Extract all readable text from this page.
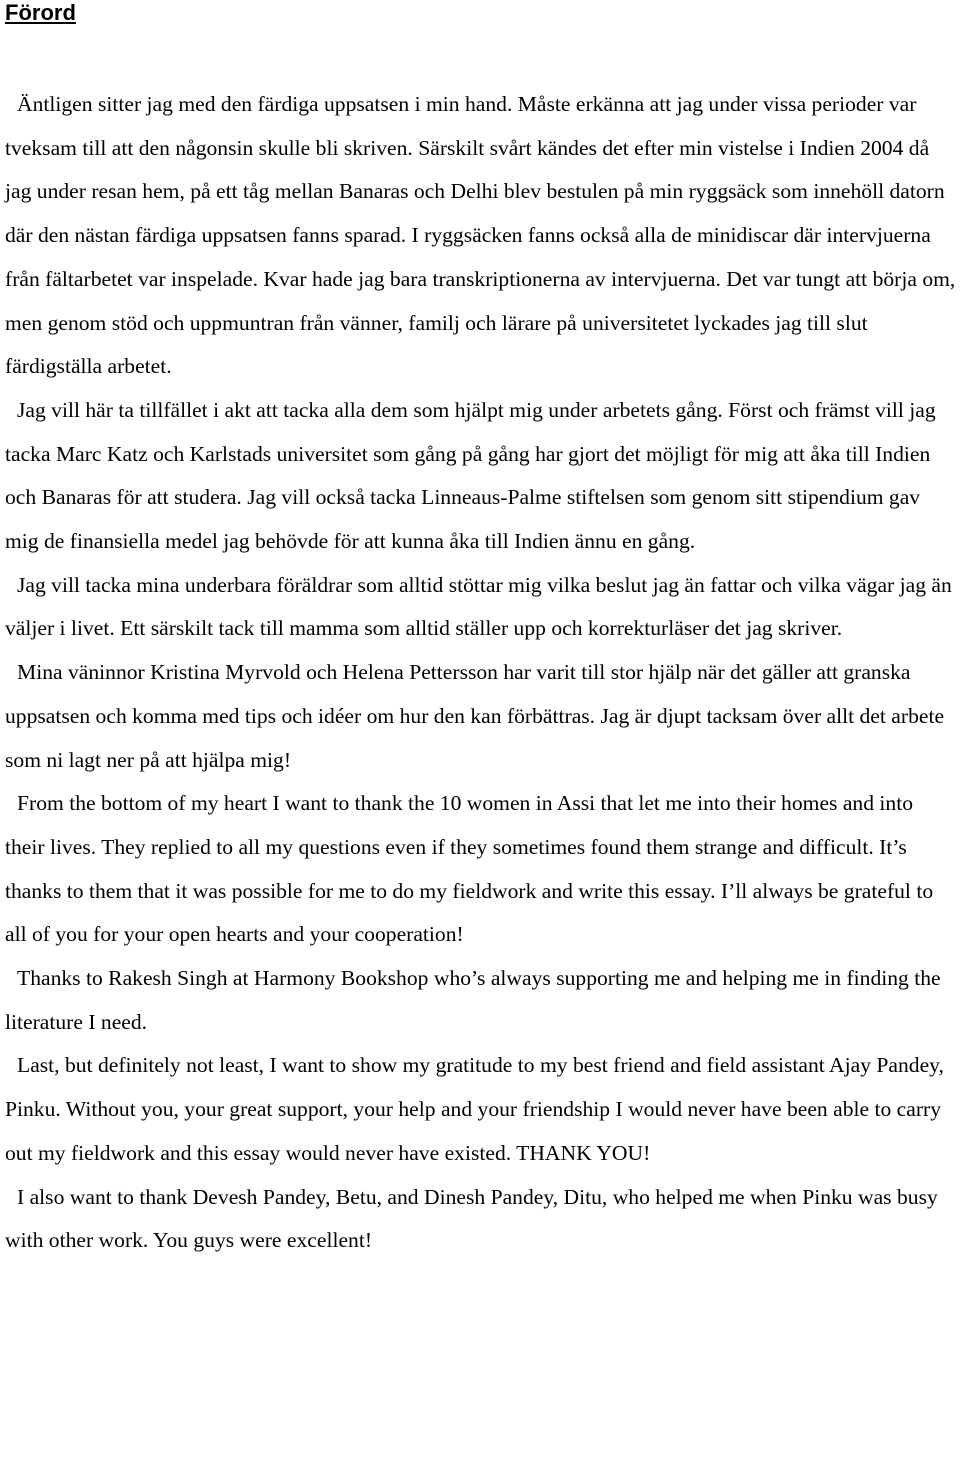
Förord

Äntligen sitter jag med den färdiga uppsatsen i min hand. Måste erkänna att jag under vissa perioder var tveksam till att den någonsin skulle bli skriven. Särskilt svårt kändes det efter min vistelse i Indien 2004 då jag under resan hem, på ett tåg mellan Banaras och Delhi blev bestulen på min ryggsäck som innehöll datorn där den nästan färdiga uppsatsen fanns sparad. I ryggsäcken fanns också alla de minidiscar där intervjuerna från fältarbetet var inspelade. Kvar hade jag bara transkriptionerna av intervjuerna. Det var tungt att börja om, men genom stöd och uppmuntran från vänner, familj och lärare på universitetet lyckades jag till slut färdigställa arbetet.

Jag vill här ta tillfället i akt att tacka alla dem som hjälpt mig under arbetets gång. Först och främst vill jag tacka Marc Katz och Karlstads universitet som gång på gång har gjort det möjligt för mig att åka till Indien och Banaras för att studera. Jag vill också tacka Linneaus-Palme stiftelsen som genom sitt stipendium gav mig de finansiella medel jag behövde för att kunna åka till Indien ännu en gång.

Jag vill tacka mina underbara föräldrar som alltid stöttar mig vilka beslut jag än fattar och vilka vägar jag än väljer i livet. Ett särskilt tack till mamma som alltid ställer upp och korrekturläser det jag skriver.

Mina väninnor Kristina Myrvold och Helena Pettersson har varit till stor hjälp när det gäller att granska uppsatsen och komma med tips och idéer om hur den kan förbättras. Jag är djupt tacksam över allt det arbete som ni lagt ner på att hjälpa mig!

From the bottom of my heart I want to thank the 10 women in Assi that let me into their homes and into their lives. They replied to all my questions even if they sometimes found them strange and difficult. It’s thanks to them that it was possible for me to do my fieldwork and write this essay. I’ll always be grateful to all of you for your open hearts and your cooperation!

Thanks to Rakesh Singh at Harmony Bookshop who’s always supporting me and helping me in finding the literature I need.

Last, but definitely not least, I want to show my gratitude to my best friend and field assistant Ajay Pandey, Pinku. Without you, your great support, your help and your friendship I would never have been able to carry out my fieldwork and this essay would never have existed. THANK YOU!

I also want to thank Devesh Pandey, Betu, and Dinesh Pandey, Ditu, who helped me when Pinku was busy with other work. You guys were excellent!
